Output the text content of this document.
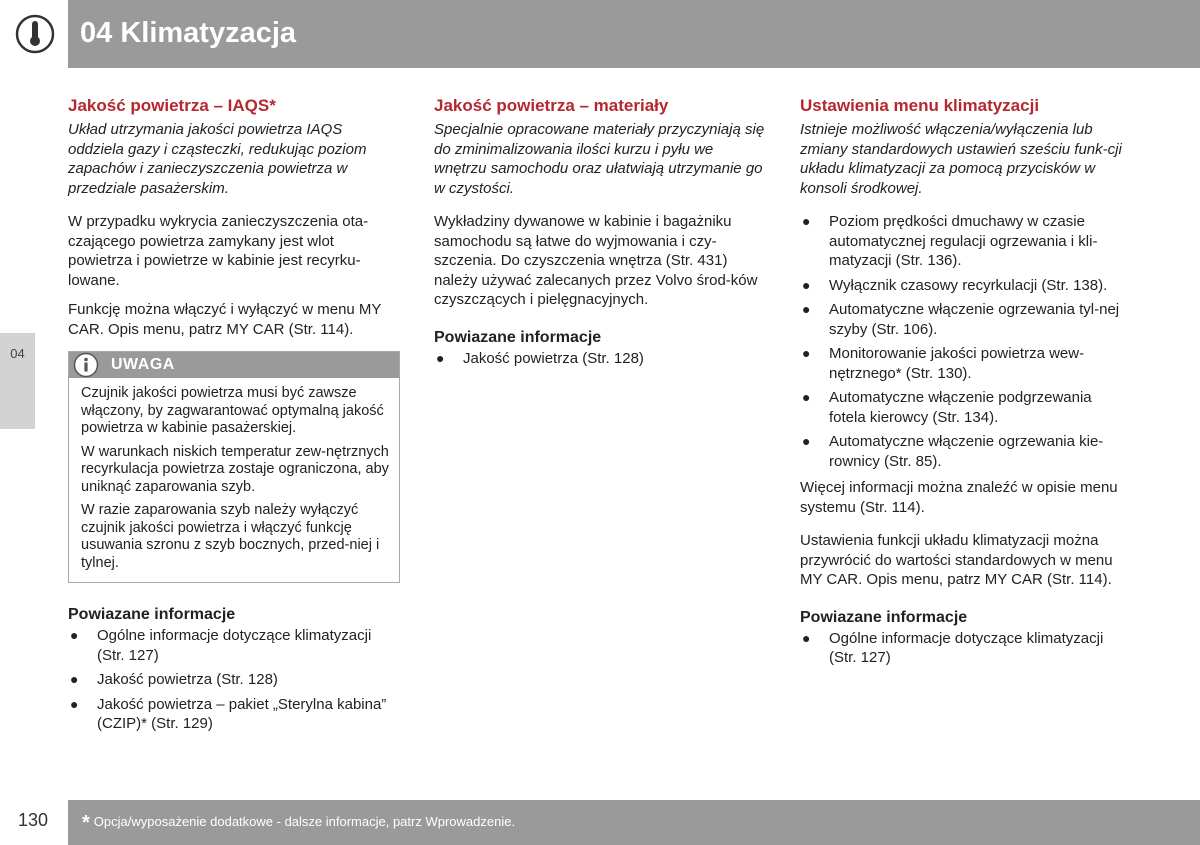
04 Klimatyzacja
04
Jakość powietrza – IAQS*

Układ utrzymania jakości powietrza IAQS oddziela gazy i cząsteczki, redukując poziom zapachów i zanieczyszczenia powietrza w przedziale pasażerskim.

W przypadku wykrycia zanieczyszczenia ota-czającego powietrza zamykany jest wlot powietrza i powietrze w kabinie jest recyrku-lowane.

Funkcję można włączyć i wyłączyć w menu MY CAR. Opis menu, patrz MY CAR (Str. 114).

UWAGA

Czujnik jakości powietrza musi być zawsze włączony, by zagwarantować optymalną jakość powietrza w kabinie pasażerskiej.

W warunkach niskich temperatur zew-nętrznych recyrkulacja powietrza zostaje ograniczona, aby uniknąć zaparowania szyb.

W razie zaparowania szyb należy wyłączyć czujnik jakości powietrza i włączyć funkcję usuwania szronu z szyb bocznych, przed-niej i tylnej.

Powiazane informacje
● Ogólne informacje dotyczące klimatyzacji (Str. 127)
● Jakość powietrza (Str. 128)
● Jakość powietrza – pakiet „Sterylna kabina” (CZIP)* (Str. 129)
Jakość powietrza – materiały

Specjalnie opracowane materiały przyczyniają się do zminimalizowania ilości kurzu i pyłu we wnętrzu samochodu oraz ułatwiają utrzymanie go w czystości.

Wykładziny dywanowe w kabinie i bagażniku samochodu są łatwe do wyjmowania i czy-szczenia. Do czyszczenia wnętrza (Str. 431) należy używać zalecanych przez Volvo środ-ków czyszczących i pielęgnacyjnych.

Powiazane informacje
● Jakość powietrza (Str. 128)
Ustawienia menu klimatyzacji

Istnieje możliwość włączenia/wyłączenia lub zmiany standardowych ustawień sześciu funk-cji układu klimatyzacji za pomocą przycisków w konsoli środkowej.

● Poziom prędkości dmuchawy w czasie automatycznej regulacji ogrzewania i kli-matyzacji (Str. 136).
● Wyłącznik czasowy recyrkulacji (Str. 138).
● Automatyczne włączenie ogrzewania tyl-nej szyby (Str. 106).
● Monitorowanie jakości powietrza wew-nętrznego* (Str. 130).
● Automatyczne włączenie podgrzewania fotela kierowcy (Str. 134).
● Automatyczne włączenie ogrzewania kie-rownicy (Str. 85).

Więcej informacji można znaleźć w opisie menu systemu (Str. 114).

Ustawienia funkcji układu klimatyzacji można przywrócić do wartości standardowych w menu MY CAR. Opis menu, patrz MY CAR (Str. 114).

Powiazane informacje
● Ogólne informacje dotyczące klimatyzacji (Str. 127)
130 * Opcja/wyposażenie dodatkowe - dalsze informacje, patrz Wprowadzenie.
